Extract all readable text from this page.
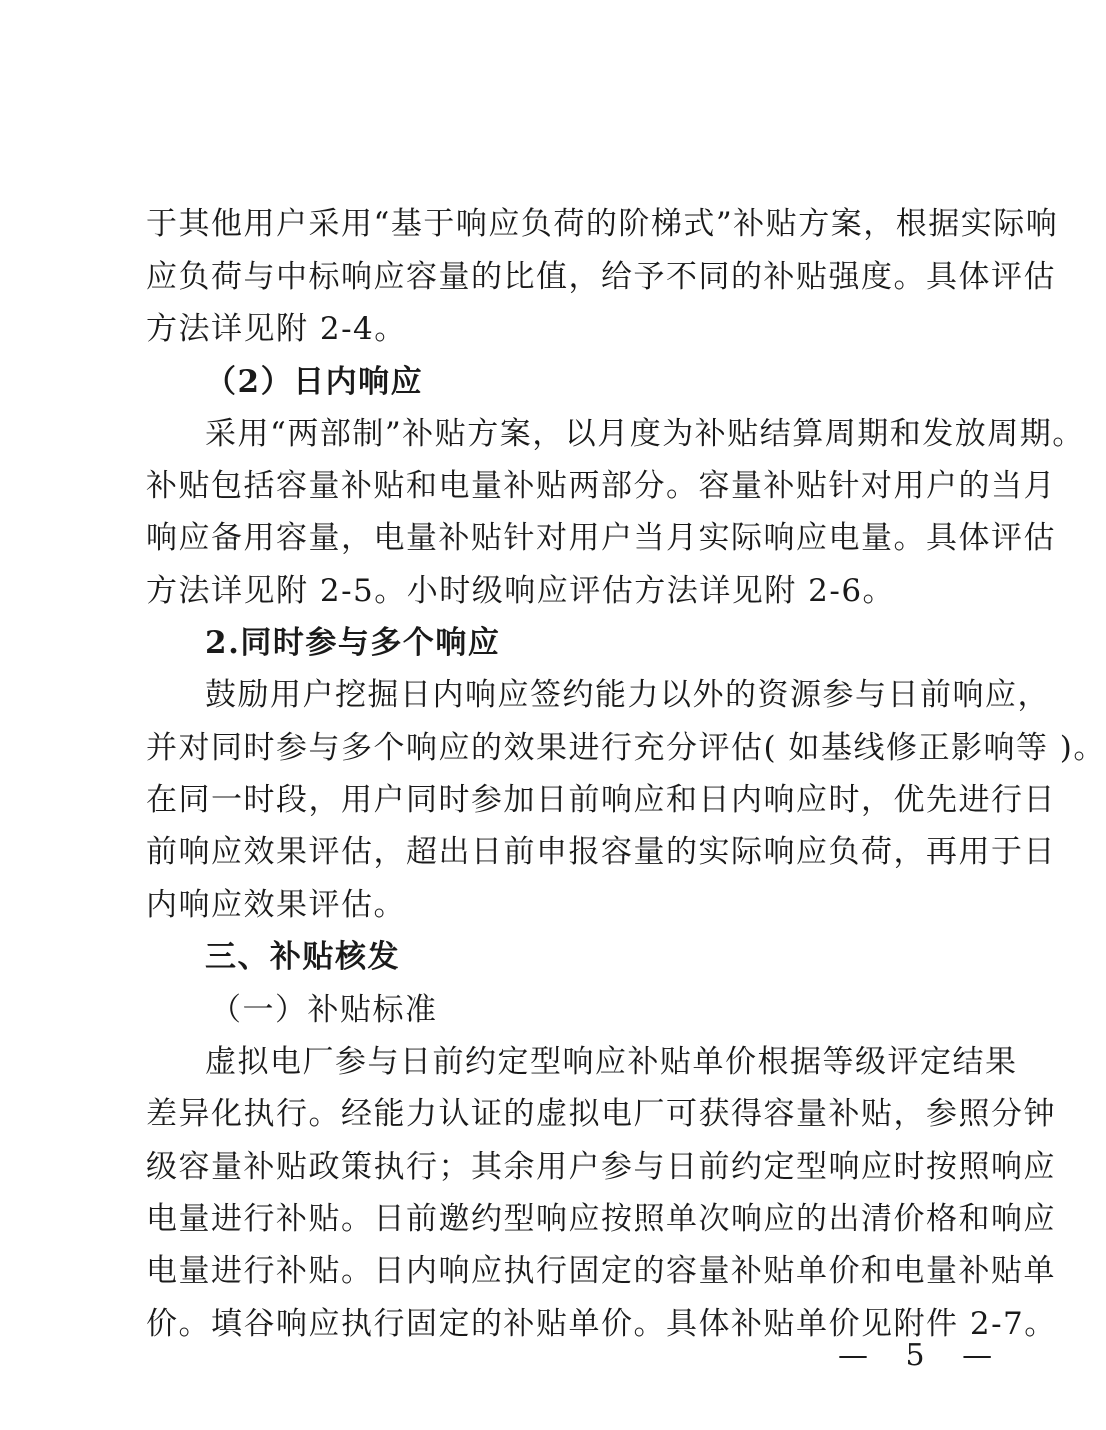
于其他用户采用“基于响应负荷的阶梯式”补贴方案，根据实际响
应负荷与中标响应容量的比值，给予不同的补贴强度。具体评估
方法详见附 2-4。
（2）日内响应
采用“两部制”补贴方案，以月度为补贴结算周期和发放周期。
补贴包括容量补贴和电量补贴两部分。容量补贴针对用户的当月
响应备用容量，电量补贴针对用户当月实际响应电量。具体评估
方法详见附 2-5。小时级响应评估方法详见附 2-6。
2.同时参与多个响应
鼓励用户挖掘日内响应签约能力以外的资源参与日前响应，
并对同时参与多个响应的效果进行充分评估( 如基线修正影响等 )。
在同一时段，用户同时参加日前响应和日内响应时，优先进行日
前响应效果评估，超出日前申报容量的实际响应负荷，再用于日
内响应效果评估。
三、补贴核发
（一）补贴标准
虚拟电厂参与日前约定型响应补贴单价根据等级评定结果
差异化执行。经能力认证的虚拟电厂可获得容量补贴，参照分钟
级容量补贴政策执行；其余用户参与日前约定型响应时按照响应
电量进行补贴。日前邀约型响应按照单次响应的出清价格和响应
电量进行补贴。日内响应执行固定的容量补贴单价和电量补贴单
价。填谷响应执行固定的补贴单价。具体补贴单价见附件 2-7。
— 5 —
